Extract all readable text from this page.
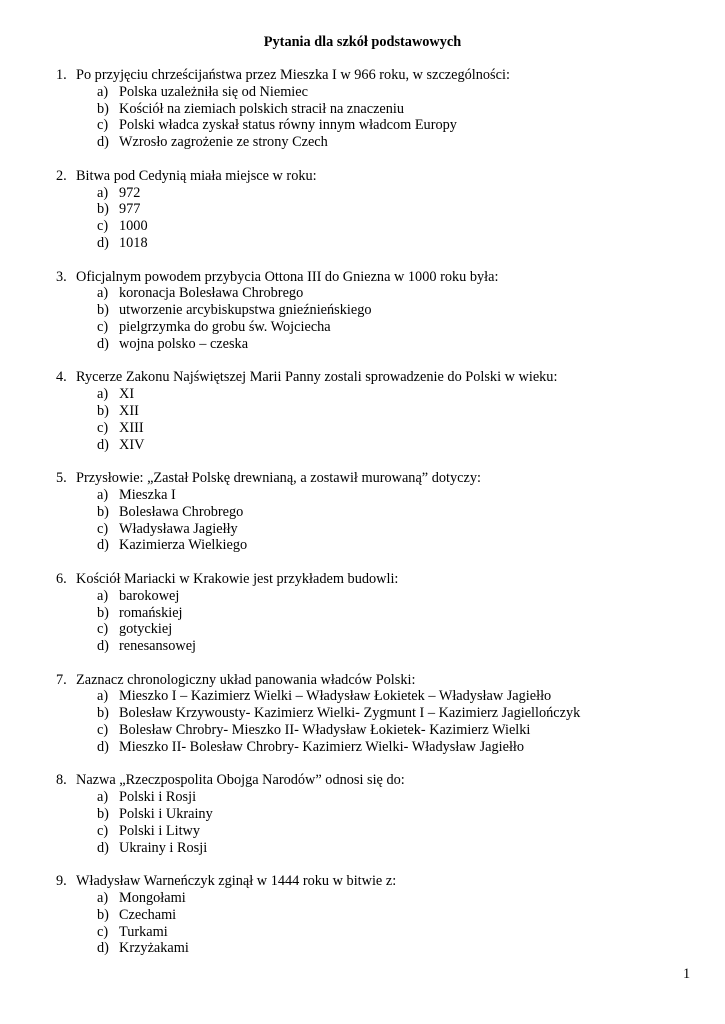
Pytania dla szkół podstawowych
1. Po przyjęciu chrześcijaństwa przez Mieszka I w 966 roku, w szczególności:
a) Polska uzależniła się od Niemiec
b) Kościół na ziemiach polskich stracił na znaczeniu
c) Polski władca zyskał status równy innym władcom Europy
d) Wzrosło zagrożenie ze strony Czech
2. Bitwa pod Cedynią miała miejsce w roku:
a) 972
b) 977
c) 1000
d) 1018
3. Oficjalnym powodem przybycia Ottona III do Gniezna w 1000 roku była:
a) koronacja Bolesława Chrobrego
b) utworzenie arcybiskupstwa gnieźnieńskiego
c) pielgrzymka do grobu św. Wojciecha
d) wojna polsko – czeska
4. Rycerze Zakonu Najświętszej Marii Panny zostali sprowadzenie do Polski w wieku:
a) XI
b) XII
c) XIII
d) XIV
5. Przysłowie: „Zastał Polskę drewnianą, a zostawił murowaną” dotyczy:
a) Mieszka I
b) Bolesława Chrobrego
c) Władysława Jagiełły
d) Kazimierza Wielkiego
6. Kościół Mariacki w Krakowie jest przykładem budowli:
a) barokowej
b) romańskiej
c) gotyckiej
d) renesansowej
7. Zaznacz chronologiczny układ panowania władców Polski:
a) Mieszko I – Kazimierz Wielki – Władysław Łokietek – Władysław Jagiełło
b) Bolesław Krzywousty- Kazimierz Wielki- Zygmunt I – Kazimierz Jagiellończyk
c) Bolesław Chrobry- Mieszko II- Władysław Łokietek- Kazimierz Wielki
d) Mieszko II- Bolesław Chrobry- Kazimierz Wielki- Władysław Jagiełło
8. Nazwa „Rzeczpospolita Obojga Narodów” odnosi się do:
a) Polski i Rosji
b) Polski i Ukrainy
c) Polski i Litwy
d) Ukrainy i Rosji
9. Władysław Warneńczyk zginął w 1444 roku w bitwie z:
a) Mongołami
b) Czechami
c) Turkami
d) Krzyżakami
1
